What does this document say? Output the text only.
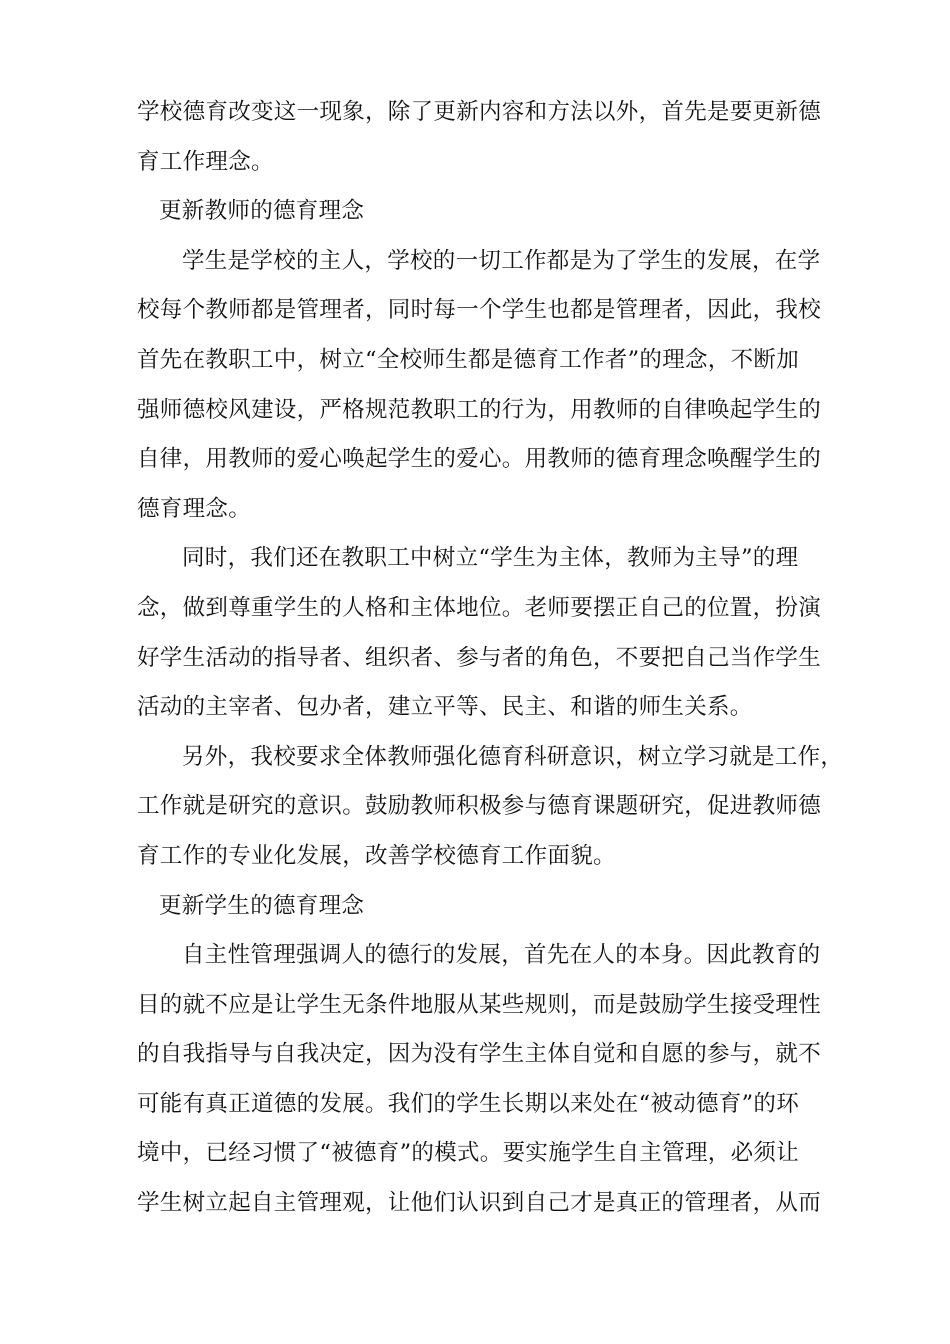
学校德育改变这一现象，除了更新内容和方法以外，首先是要更新德
育工作理念。
更新教师的德育理念
学生是学校的主人，学校的一切工作都是为了学生的发展，在学
校每个教师都是管理者，同时每一个学生也都是管理者，因此，我校
首先在教职工中，树立“全校师生都是德育工作者”的理念，不断加
强师德校风建设，严格规范教职工的行为，用教师的自律唤起学生的
自律，用教师的爱心唤起学生的爱心。用教师的德育理念唤醒学生的
德育理念。
同时，我们还在教职工中树立“学生为主体，教师为主导”的理
念，做到尊重学生的人格和主体地位。老师要摆正自己的位置，扮演
好学生活动的指导者、组织者、参与者的角色，不要把自己当作学生
活动的主宰者、包办者，建立平等、民主、和谐的师生关系。
另外，我校要求全体教师强化德育科研意识，树立学习就是工作，
工作就是研究的意识。鼓励教师积极参与德育课题研究，促进教师德
育工作的专业化发展，改善学校德育工作面貌。
更新学生的德育理念
自主性管理强调人的德行的发展，首先在人的本身。因此教育的
目的就不应是让学生无条件地服从某些规则，而是鼓励学生接受理性
的自我指导与自我决定，因为没有学生主体自觉和自愿的参与，就不
可能有真正道德的发展。我们的学生长期以来处在“被动德育”的环
境中，已经习惯了“被德育”的模式。要实施学生自主管理，必须让
学生树立起自主管理观，让他们认识到自己才是真正的管理者，从而
